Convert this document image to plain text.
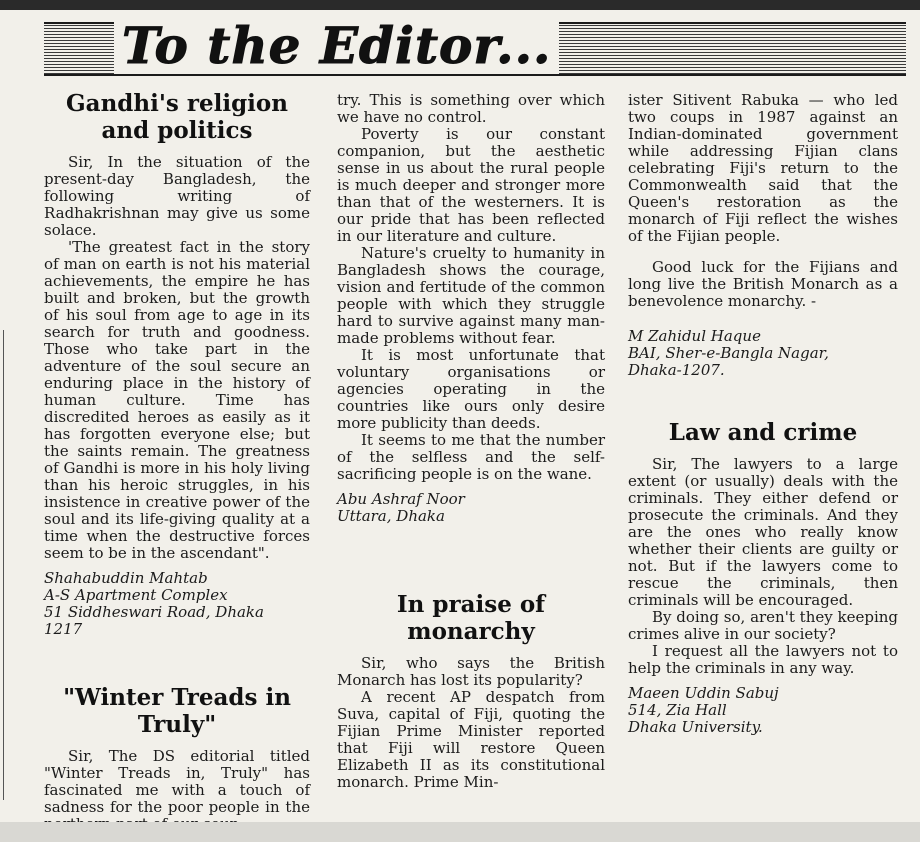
To the Editor...
Gandhi's religion and politics

Sir, In the situation of the present-day Bangladesh, the following writing of Radhakrishnan may give us some solace.

'The greatest fact in the story of man on earth is not his material achievements, the empire he has built and broken, but the growth of his soul from age to age in its search for truth and goodness. Those who take part in the adventure of the soul secure an enduring place in the history of human culture. Time has discredited heroes as easily as it has forgotten everyone else; but the saints remain. The greatness of Gandhi is more in his holy living than his heroic struggles, in his insistence in creative power of the soul and its life-giving quality at a time when the destructive forces seem to be in the ascendant".

Shahabuddin Mahtab
A-S Apartment Complex
51 Siddheswari Road, Dhaka
1217
"Winter Treads in Truly"

Sir, The DS editorial titled "Winter Treads in, Truly" has fascinated me with a touch of sadness for the poor people in the

try. This is something over which we have no control.

Poverty is our constant companion, but the aesthetic sense in us about the rural people is much deeper and stronger more than that of the westerners. It is our pride that has been reflected in our literature and culture.

Nature's cruelty to humanity in Bangladesh shows the courage, vision and fertitude of the common people with which they struggle hard to survive against many man-made problems without fear.

It is most unfortunate that voluntary organisations or agencies operating in the countries like ours only desire more publicity than deeds.

It seems to me that the number of the selfless and the self-sacrificing people is on the wane.

Abu Ashraf Noor
Uttara, Dhaka
In praise of monarchy

Sir, who says the British Monarch has lost its popularity?

A recent AP despatch from Suva, capital of Fiji, quoting the Fijian Prime Minister reported that Fiji will restore Queen Elizabeth II as its constitutional monarch. Prime Min-

ister Sitivent Rabuka — who led two coups in 1987 against an Indian-dominated government while addressing Fijian clans celebrating Fiji's return to the Commonwealth said that the Queen's restoration as the monarch of Fiji reflect the wishes of the Fijian people.

Good luck for the Fijians and long live the British Monarch as a benevolence monarchy. -

M Zahidul Haque
BAI, Sher-e-Bangla Nagar,
Dhaka-1207.
Law and crime

Sir, The lawyers to a large extent (or usually) deals with the criminals. They either defend or prosecute the criminals. And they are the ones who really know whether their clients are guilty or not. But if the lawyers come to rescue the criminals, then criminals will be encouraged.

By doing so, aren't they keeping crimes alive in our society?

I request all the lawyers not to help the criminals in any way.

Maeen Uddin Sabuj
514, Zia Hall
Dhaka University.
